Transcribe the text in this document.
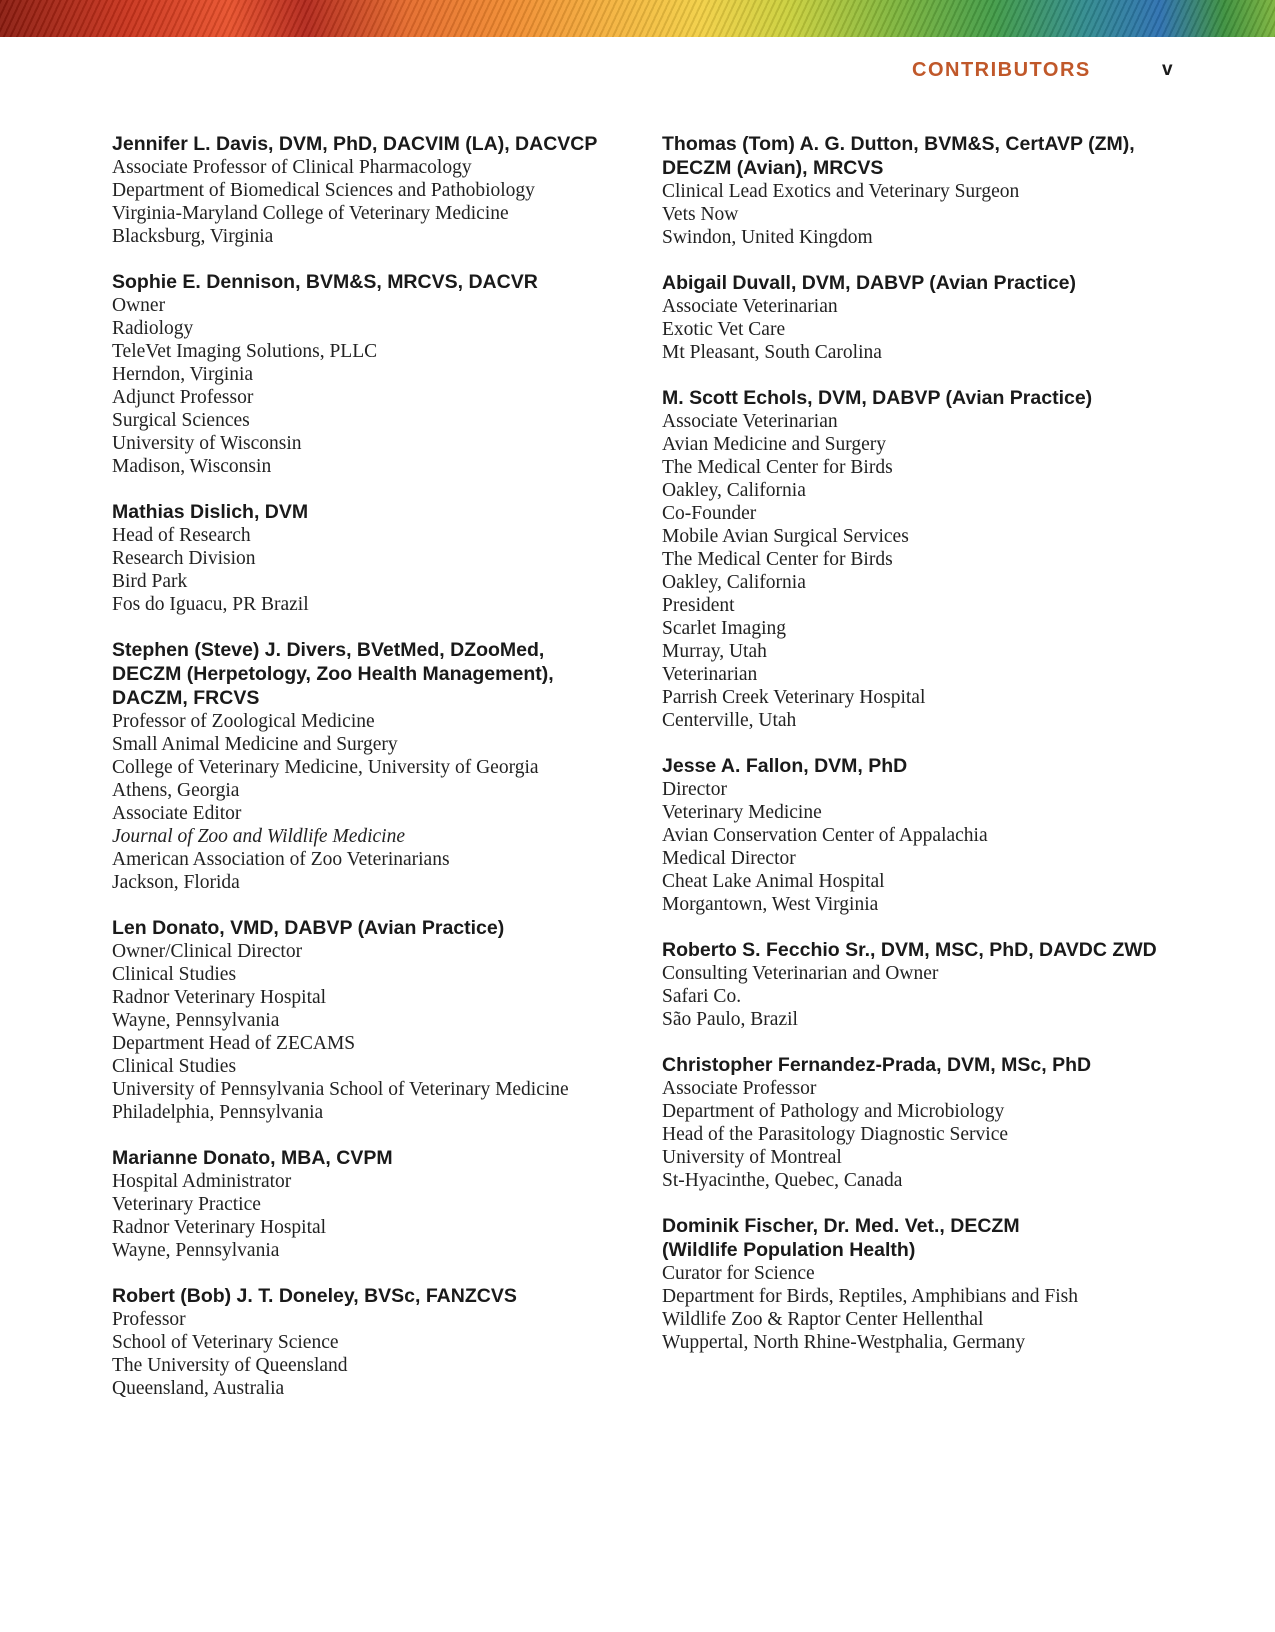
CONTRIBUTORS	v
Jennifer L. Davis, DVM, PhD, DACVIM (LA), DACVCP
Associate Professor of Clinical Pharmacology
Department of Biomedical Sciences and Pathobiology
Virginia-Maryland College of Veterinary Medicine
Blacksburg, Virginia
Sophie E. Dennison, BVM&S, MRCVS, DACVR
Owner
Radiology
TeleVet Imaging Solutions, PLLC
Herndon, Virginia
Adjunct Professor
Surgical Sciences
University of Wisconsin
Madison, Wisconsin
Mathias Dislich, DVM
Head of Research
Research Division
Bird Park
Fos do Iguacu, PR Brazil
Stephen (Steve) J. Divers, BVetMed, DZooMed,
DECZM (Herpetology, Zoo Health Management),
DACZM, FRCVS
Professor of Zoological Medicine
Small Animal Medicine and Surgery
College of Veterinary Medicine, University of Georgia
Athens, Georgia
Associate Editor
Journal of Zoo and Wildlife Medicine
American Association of Zoo Veterinarians
Jackson, Florida
Len Donato, VMD, DABVP (Avian Practice)
Owner/Clinical Director
Clinical Studies
Radnor Veterinary Hospital
Wayne, Pennsylvania
Department Head of ZECAMS
Clinical Studies
University of Pennsylvania School of Veterinary Medicine
Philadelphia, Pennsylvania
Marianne Donato, MBA, CVPM
Hospital Administrator
Veterinary Practice
Radnor Veterinary Hospital
Wayne, Pennsylvania
Robert (Bob) J. T. Doneley, BVSc, FANZCVS
Professor
School of Veterinary Science
The University of Queensland
Queensland, Australia
Thomas (Tom) A. G. Dutton, BVM&S, CertAVP (ZM),
DECZM (Avian), MRCVS
Clinical Lead Exotics and Veterinary Surgeon
Vets Now
Swindon, United Kingdom
Abigail Duvall, DVM, DABVP (Avian Practice)
Associate Veterinarian
Exotic Vet Care
Mt Pleasant, South Carolina
M. Scott Echols, DVM, DABVP (Avian Practice)
Associate Veterinarian
Avian Medicine and Surgery
The Medical Center for Birds
Oakley, California
Co-Founder
Mobile Avian Surgical Services
The Medical Center for Birds
Oakley, California
President
Scarlet Imaging
Murray, Utah
Veterinarian
Parrish Creek Veterinary Hospital
Centerville, Utah
Jesse A. Fallon, DVM, PhD
Director
Veterinary Medicine
Avian Conservation Center of Appalachia
Medical Director
Cheat Lake Animal Hospital
Morgantown, West Virginia
Roberto S. Fecchio Sr., DVM, MSC, PhD, DAVDC ZWD
Consulting Veterinarian and Owner
Safari Co.
São Paulo, Brazil
Christopher Fernandez-Prada, DVM, MSc, PhD
Associate Professor
Department of Pathology and Microbiology
Head of the Parasitology Diagnostic Service
University of Montreal
St-Hyacinthe, Quebec, Canada
Dominik Fischer, Dr. Med. Vet., DECZM
(Wildlife Population Health)
Curator for Science
Department for Birds, Reptiles, Amphibians and Fish
Wildlife Zoo & Raptor Center Hellenthal
Wuppertal, North Rhine-Westphalia, Germany
